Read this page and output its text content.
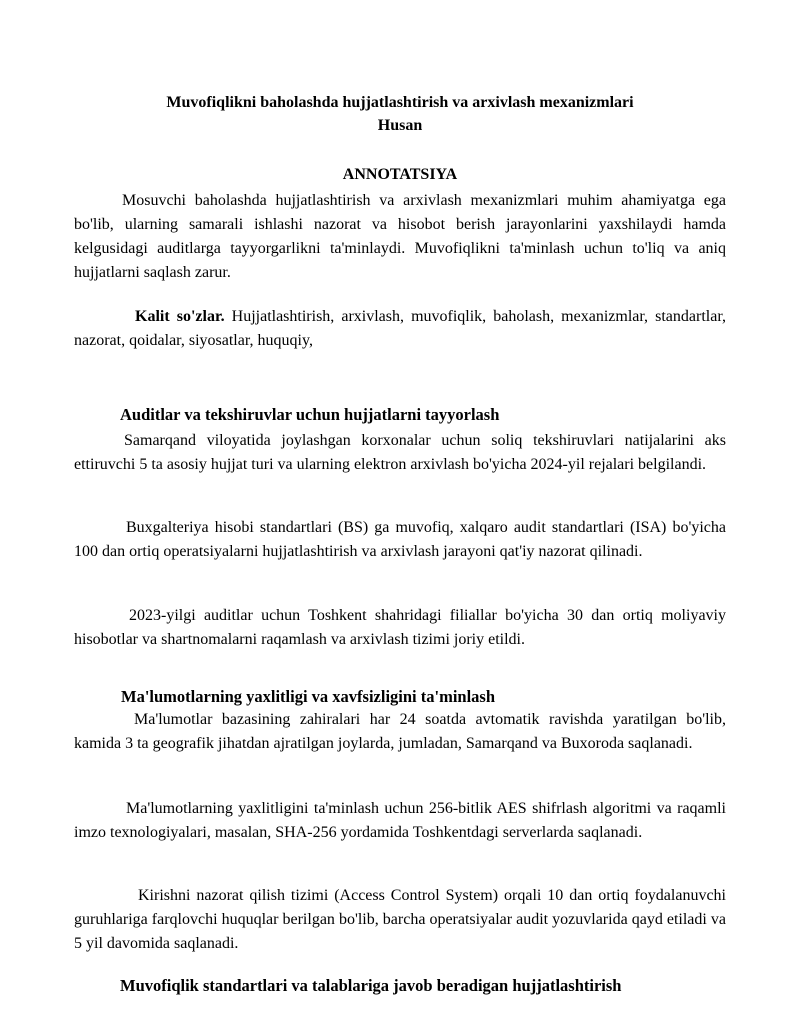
Muvofiqlikni baholashda hujjatlashtirish va arxivlash mexanizmlari
Husan
ANNOTATSIYA
Mosuvchi baholashda hujjatlashtirish va arxivlash mexanizmlari muhim ahamiyatga ega bo'lib, ularning samarali ishlashi nazorat va hisobot berish jarayonlarini yaxshilaydi hamda kelgusidagi auditlarga tayyorgarlikni ta'minlaydi. Muvofiqlikni ta'minlash uchun to'liq va aniq hujjatlarni saqlash zarur.
Kalit so'zlar. Hujjatlashtirish, arxivlash, muvofiqlik, baholash, mexanizmlar, standartlar, nazorat, qoidalar, siyosatlar, huquqiy,
Auditlar va tekshiruvlar uchun hujjatlarni tayyorlash
Samarqand viloyatida joylashgan korxonalar uchun soliq tekshiruvlari natijalarini aks ettiruvchi 5 ta asosiy hujjat turi va ularning elektron arxivlash bo'yicha 2024-yil rejalari belgilandi.
Buxgalteriya hisobi standartlari (BS) ga muvofiq, xalqaro audit standartlari (ISA) bo'yicha 100 dan ortiq operatsiyalarni hujjatlashtirish va arxivlash jarayoni qat'iy nazorat qilinadi.
2023-yilgi auditlar uchun Toshkent shahridagi filiallar bo'yicha 30 dan ortiq moliyaviy hisobotlar va shartnomalarni raqamlash va arxivlash tizimi joriy etildi.
Ma'lumotlarning yaxlitligi va xavfsizligini ta'minlash
Ma'lumotlar bazasining zahiralari har 24 soatda avtomatik ravishda yaratilgan bo'lib, kamida 3 ta geografik jihatdan ajratilgan joylarda, jumladan, Samarqand va Buxoroda saqlanadi.
Ma'lumotlarning yaxlitligini ta'minlash uchun 256-bitlik AES shifrlash algoritmi va raqamli imzo texnologiyalari, masalan, SHA-256 yordamida Toshkentdagi serverlarda saqlanadi.
Kirishni nazorat qilish tizimi (Access Control System) orqali 10 dan ortiq foydalanuvchi guruhlariga farqlovchi huquqlar berilgan bo'lib, barcha operatsiyalar audit yozuvlarida qayd etiladi va 5 yil davomida saqlanadi.
Muvofiqlik standartlari va talablariga javob beradigan hujjatlashtirish
